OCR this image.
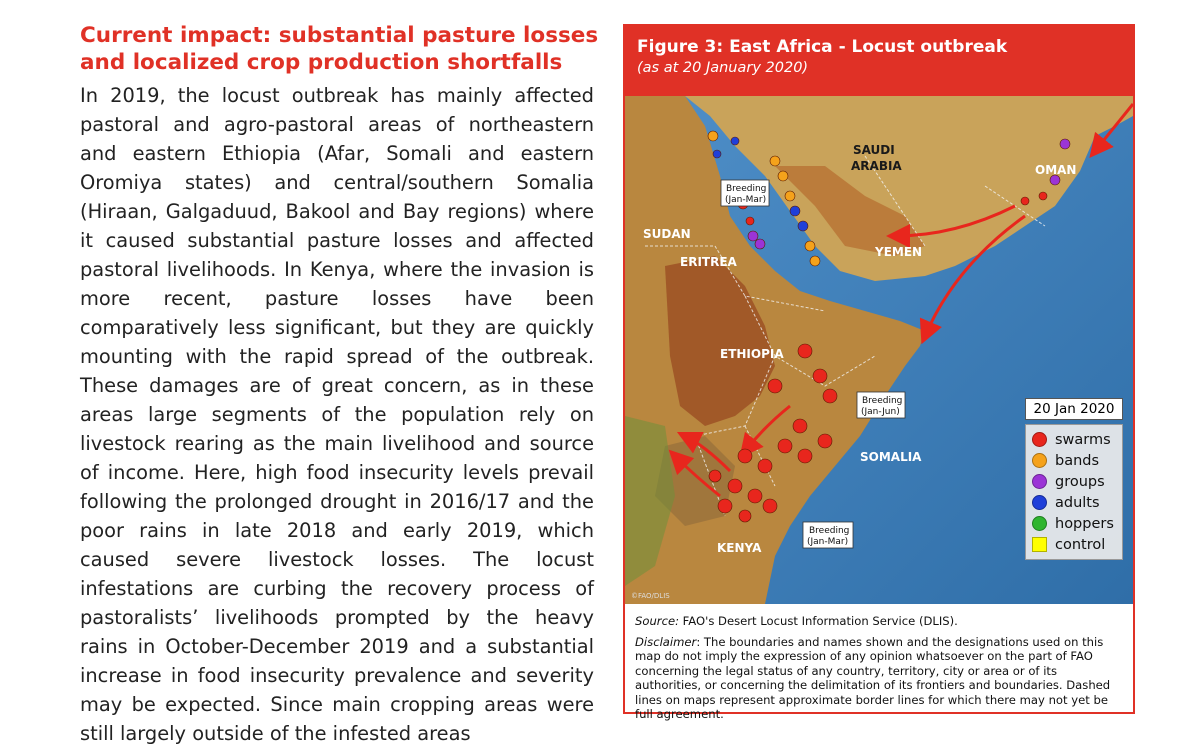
Current impact: substantial pasture losses and localized crop production shortfalls

In 2019, the locust outbreak has mainly affected pastoral and agro-pastoral areas of northeastern and eastern Ethiopia (Afar, Somali and eastern Oromiya states) and central/southern Somalia (Hiraan, Galgaduud, Bakool and Bay regions) where it caused substantial pasture losses and affected pastoral livelihoods. In Kenya, where the invasion is more recent, pasture losses have been comparatively less significant, but they are quickly mounting with the rapid spread of the outbreak. These damages are of great concern, as in these areas large segments of the population rely on livestock rearing as the main livelihood and source of income. Here, high food insecurity levels prevail following the prolonged drought in 2016/17 and the poor rains in late 2018 and early 2019, which caused severe livestock losses. The locust infestations are curbing the recovery process of pastoralists’ livelihoods prompted by the heavy rains in October-December 2019 and a substantial increase in food insecurity prevalence and severity may be expected. Since main cropping areas were still largely outside of the infested areas

Figure 3: East Africa - Locust outbreak
(as at 20 January 2020)
SAUDI
ARABIA	OMAN
SUDAN
ERITREA
YEMEN
ETHIOPIA
SOMALIA
KENYA
Breeding
(Jan-Mar)
Breeding
(Jan-Jun)
Breeding
(Jan-Mar)
©FAO/DLIS
20 Jan 2020
swarms
bands
groups
adults
hoppers
control

Source: FAO's Desert Locust Information Service (DLIS).

Disclaimer: The boundaries and names shown and the designations used on this map do not imply the expression of any opinion whatsoever on the part of FAO concerning the legal status of any country, territory, city or area or of its authorities, or concerning the delimitation of its frontiers and boundaries. Dashed lines on maps represent approximate border lines for which there may not yet be full agreement.
